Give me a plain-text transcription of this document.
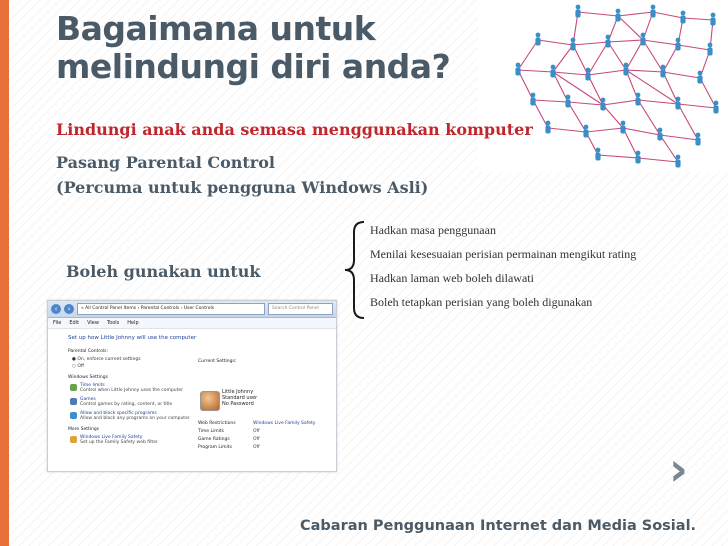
Bagaimana untuk
melindungi diri anda?

Lindungi anak anda semasa menggunakan komputer

Pasang Parental Control
(Percuma untuk pengguna Windows Asli)

Boleh gunakan untuk

Hadkan masa penggunaan
Menilai kesesuaian perisian permainan mengikut rating
Hadkan laman web boleh dilawati
Boleh tetapkan perisian yang boleh digunakan
‹	›	« All Control Panel Items › Parental Controls › User Controls	Search Control Panel
File Edit View Tools Help
Set up how Little Johnny will use the computer
Parental Controls:
● On, enforce current settings
○ Off
Windows Settings
Time limits
Control when Little Johnny uses the computer
Games
Control games by rating, content, or title
Allow and block specific programs
Allow and block any programs on your computer
More Settings
Windows Live Family Safety
Set up the Family Safety web filter
Current Settings:
Little Johnny
Standard user
No Password
Web Restrictions	Windows Live Family Safety
Time Limits	Off
Game Ratings	Off
Program Limits	Off	›

Cabaran Penggunaan Internet dan Media Sosial.
